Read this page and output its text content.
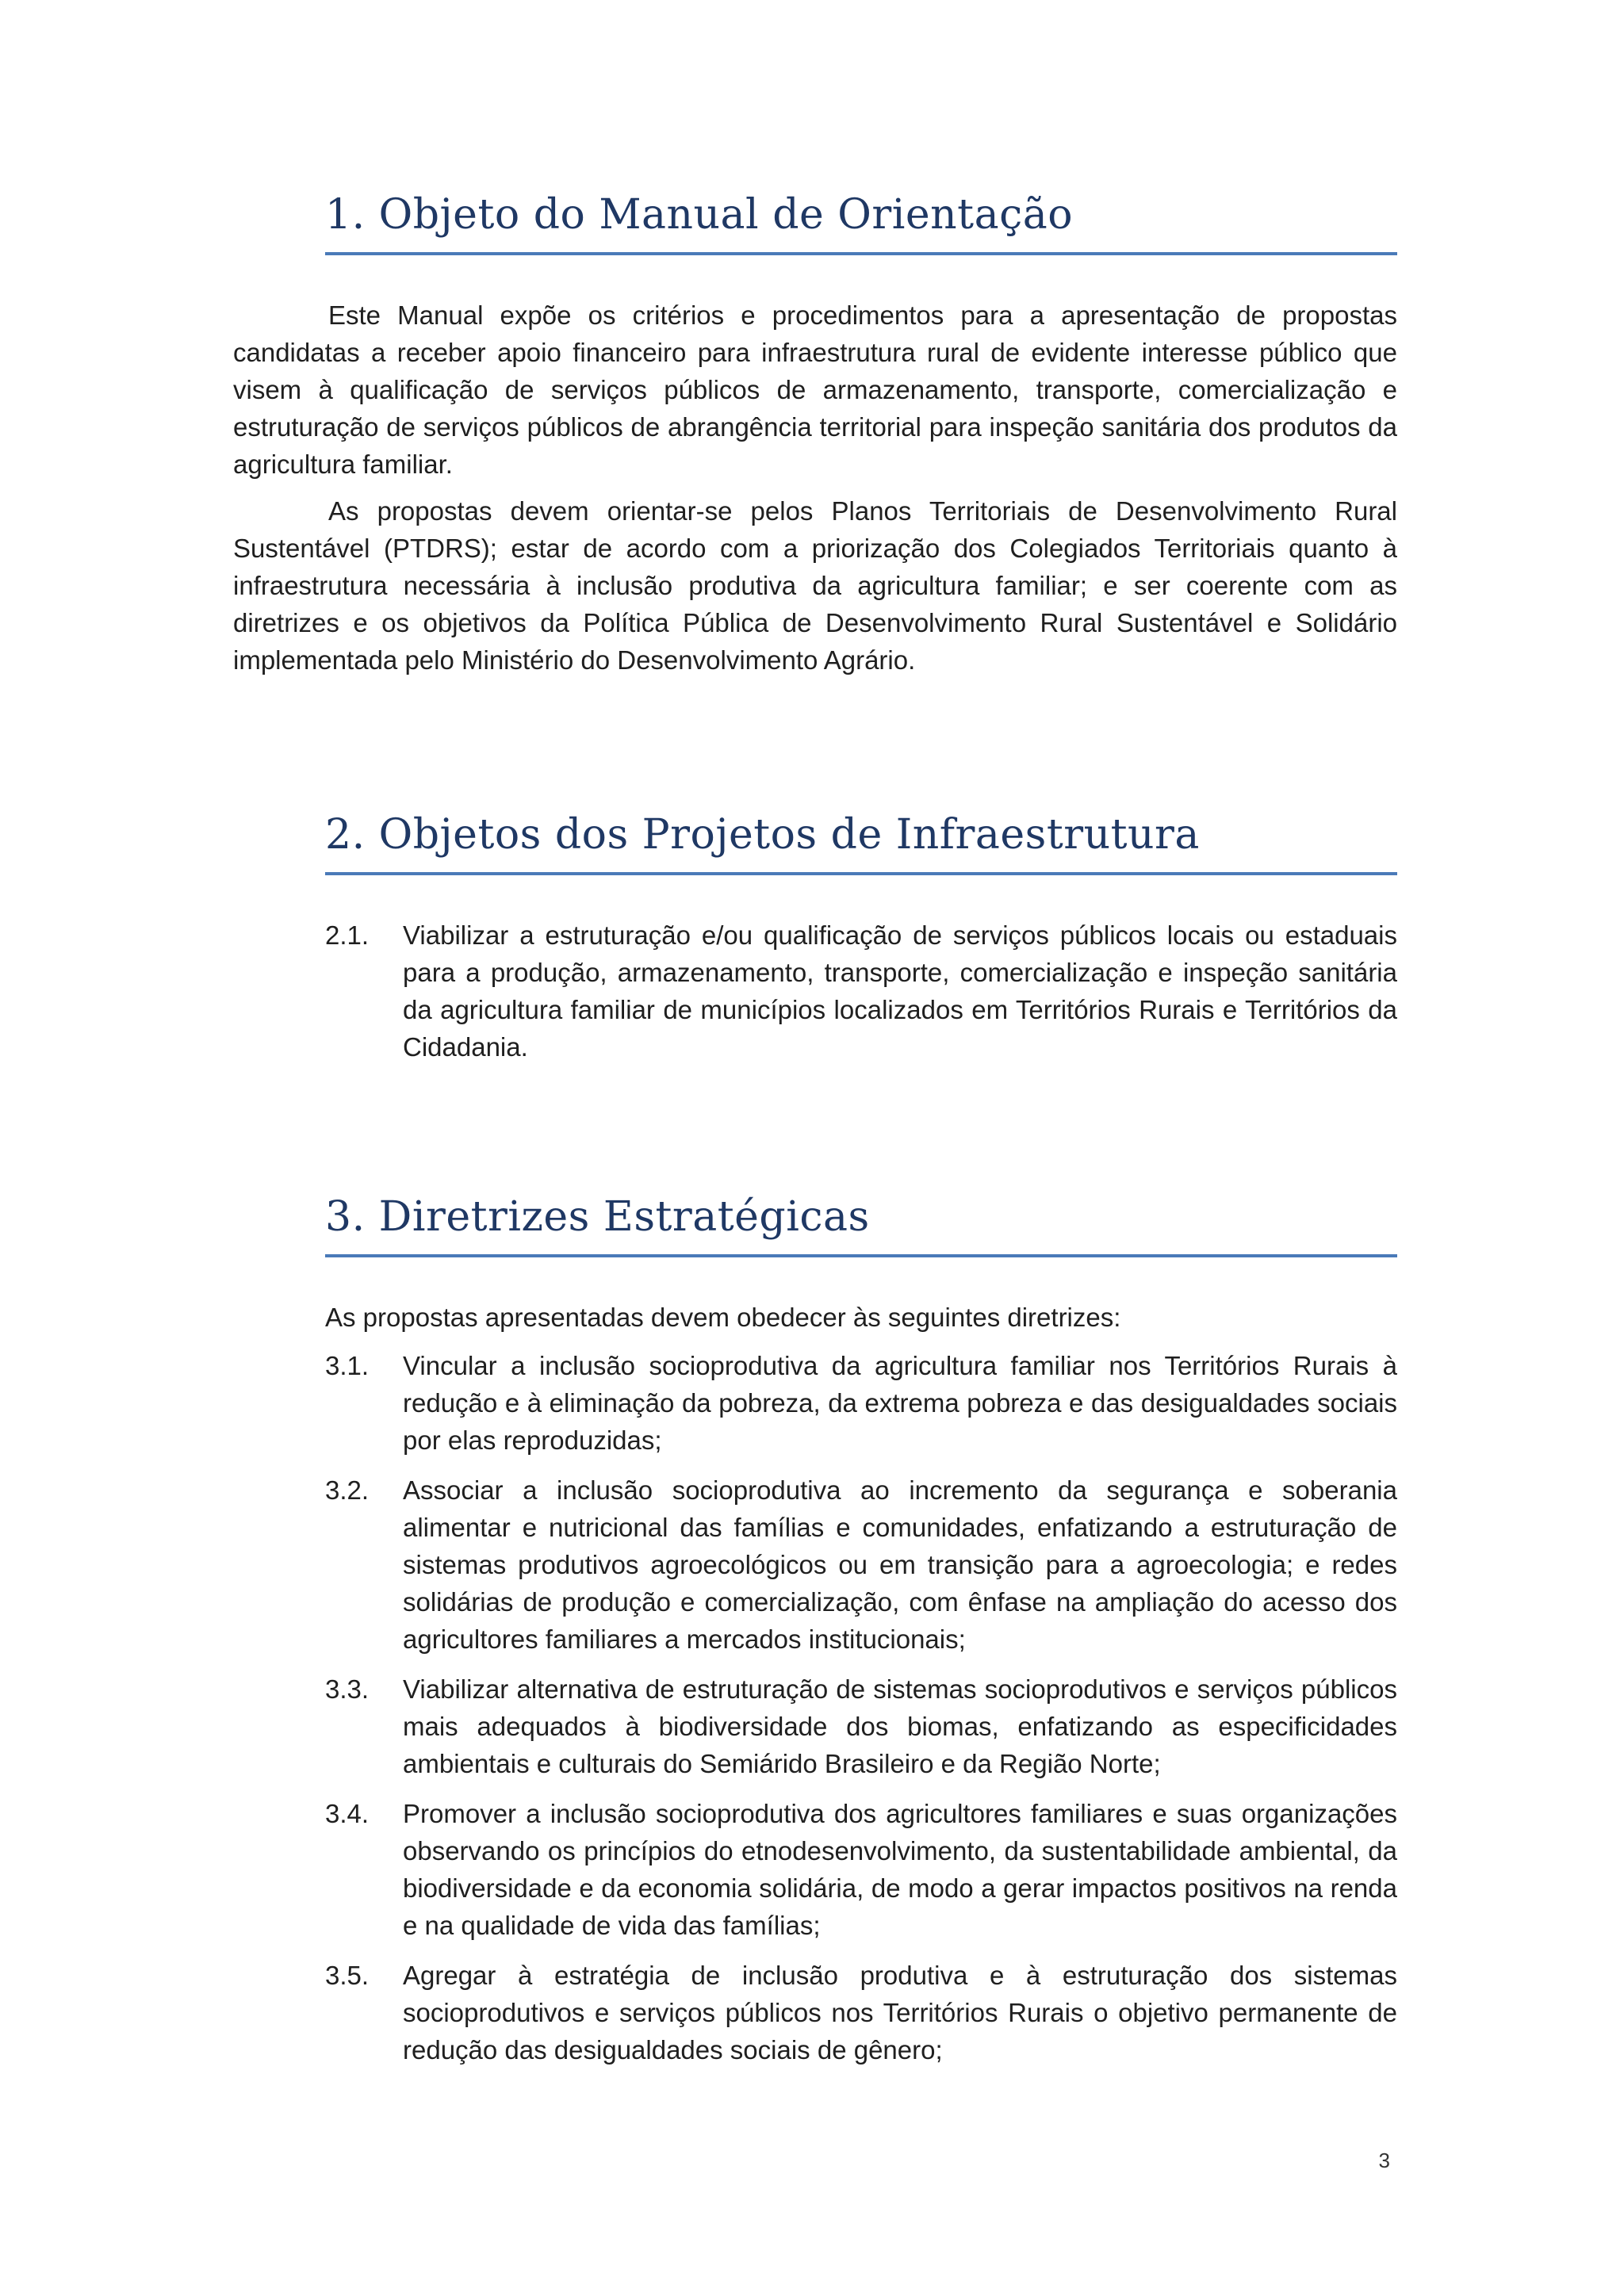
1. Objeto do Manual de Orientação

Este Manual expõe os critérios e procedimentos para a apresentação de propostas candidatas a receber apoio financeiro para infraestrutura rural de evidente interesse público que visem à qualificação de serviços públicos de armazenamento, transporte, comercialização e estruturação de serviços públicos de abrangência territorial para inspeção sanitária dos produtos da agricultura familiar.

As propostas devem orientar-se pelos Planos Territoriais de Desenvolvimento Rural Sustentável (PTDRS); estar de acordo com a priorização dos Colegiados Territoriais quanto à infraestrutura necessária à inclusão produtiva da agricultura familiar; e ser coerente com as diretrizes e os objetivos da Política Pública de Desenvolvimento Rural Sustentável e Solidário implementada pelo Ministério do Desenvolvimento Agrário.

2. Objetos dos Projetos de Infraestrutura
2.1.	Viabilizar a estruturação e/ou qualificação de serviços públicos locais ou estaduais para a produção, armazenamento, transporte, comercialização e inspeção sanitária da agricultura familiar de municípios localizados em Territórios Rurais e Territórios da Cidadania.
3. Diretrizes Estratégicas

As propostas apresentadas devem obedecer às seguintes diretrizes:

3.1.	Vincular a inclusão socioprodutiva da agricultura familiar nos Territórios Rurais à redução e à eliminação da pobreza, da extrema pobreza e das desigualdades sociais por elas reproduzidas;
3.2.	Associar a inclusão socioprodutiva ao incremento da segurança e soberania alimentar e nutricional das famílias e comunidades, enfatizando a estruturação de sistemas produtivos agroecológicos ou em transição para a agroecologia; e redes solidárias de produção e comercialização, com ênfase na ampliação do acesso dos agricultores familiares a mercados institucionais;
3.3.	Viabilizar alternativa de estruturação de sistemas socioprodutivos e serviços públicos mais adequados à biodiversidade dos biomas, enfatizando as especificidades ambientais e culturais do Semiárido Brasileiro e da Região Norte;
3.4.	Promover a inclusão socioprodutiva dos agricultores familiares e suas organizações observando os princípios do etnodesenvolvimento, da sustentabilidade ambiental, da biodiversidade e da economia solidária, de modo a gerar impactos positivos na renda e na qualidade de vida das famílias;
3.5.	Agregar à estratégia de inclusão produtiva e à estruturação dos sistemas socioprodutivos e serviços públicos nos Territórios Rurais o objetivo permanente de redução das desigualdades sociais de gênero;
3
